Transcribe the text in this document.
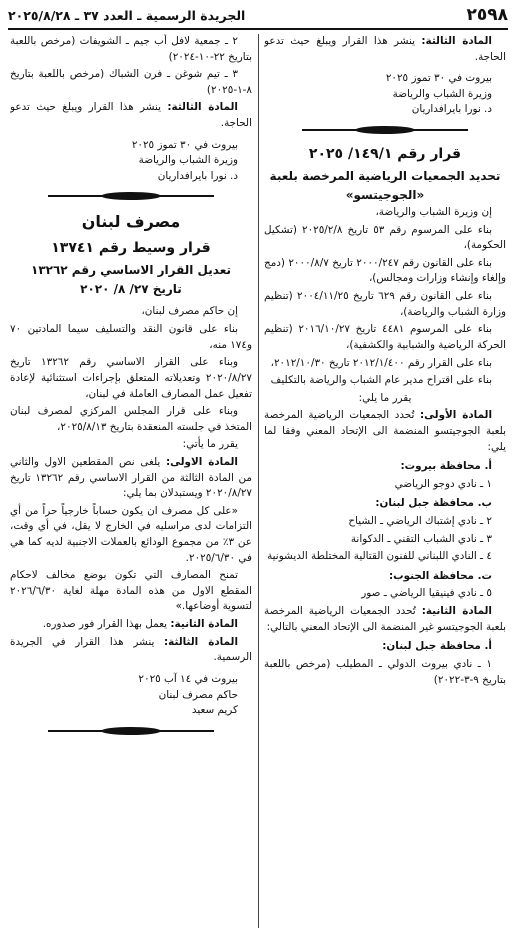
٢٥٩٨
الجريدة الرسمية ـ العدد ٣٧ ـ ٢٠٢٥/٨/٢٨

المادة الثالثة: ينشر هذا القرار ويبلغ حيث تدعو الحاجة.

بيروت في ٣٠ تموز ٢٠٢٥

وزيرة الشباب والرياضة

د. نورا بايرافداريان

قرار رقم ١٤٩/١/ ٢٠٢٥
تحديد الجمعيات الرياضية المرخصة بلعبة
«الجوجيتسو»

إن وزيرة الشباب والرياضة،

بناء على المرسوم رقم ٥٣ تاريخ ٢٠٢٥/٢/٨ (تشكيل الحكومة)،

بناء على القانون رقم ٢٠٠٠/٢٤٧ تاريخ ٢٠٠٠/٨/٧ (دمج وإلغاء وإنشاء وزارات ومجالس)،

بناء على القانون رقم ٦٢٩ تاريخ ٢٠٠٤/١١/٢٥ (تنظيم وزارة الشباب والرياضة)،

بناء على المرسوم ٤٤٨١ تاريخ ٢٠١٦/١٠/٢٧ (تنظيم الحركة الرياضية والشبابية والكشفية)،

بناء على القرار رقم ٢٠١٢/١/٤٠٠ تاريخ ٢٠١٢/١٠/٣٠،

بناء على اقتراح مدير عام الشباب والرياضة بالتكليف

يقرر ما يلي:

المادة الأولى: تُحدد الجمعيات الرياضية المرخصة بلعبة الجوجيتسو المنضمة الى الإتحاد المعني وفقا لما يلي:

أ. محافظة بيروت:

١ ـ نادي دوجو الرياضي

ب. محافظة جبل لبنان:

٢ ـ نادي إشتباك الرياضي ـ الشياح

٣ ـ نادي الشباب التقني ـ الدكوانة

٤ ـ النادي اللبناني للفنون القتالية المختلطة الديشونية

ت. محافظة الجنوب:

٥ ـ نادي فينيقيا الرياضي ـ صور

المادة الثانية: تُحدد الجمعيات الرياضية المرخصة بلعبة الجوجيتسو غير المنضمة الى الإتحاد المعني بالتالي:

أ. محافظة جبل لبنان:

١ ـ نادي بيروت الدولي ـ المطيلب (مرخص باللعبة بتاريخ ٩-٣-٢٠٢٢)

٢ ـ جمعية لافل أب جيم ـ الشويفات (مرخص باللعبة بتاريخ ٢٢-١٠-٢٠٢٤)

٣ ـ تيم شوغن ـ فرن الشباك (مرخص باللعبة بتاريخ ٨-١-٢٠٢٥)

المادة الثالثة: ينشر هذا القرار ويبلغ حيث تدعو الحاجة.

بيروت في ٣٠ تموز ٢٠٢٥

وزيرة الشباب والرياضة

د. نورا بايرافداريان

مصرف لبنان
قرار وسيط رقم ١٣٧٤١
تعديل القرار الاساسي رقم ١٣٢٦٢
تاريخ ٢٧/ ٨/ ٢٠٢٠

إن حاكم مصرف لبنان،

بناء على قانون النقد والتسليف سيما المادتين ٧٠ و١٧٤ منه،

وبناء على القرار الاساسي رقم ١٣٢٦٢ تاريخ ٢٠٢٠/٨/٢٧ وتعديلاته المتعلق بإجراءات استثنائية لإعادة تفعيل عمل المصارف العاملة في لبنان،

وبناء على قرار المجلس المركزي لمصرف لبنان المتخذ في جلسته المنعقدة بتاريخ ٢٠٢٥/٨/١٣،

يقرر ما يأتي:

المادة الاولى: يلغى نص المقطعين الاول والثاني من المادة الثالثة من القرار الاساسي رقم ١٣٢٦٢ تاريخ ٢٠٢٠/٨/٢٧ ويستبدلان بما يلي:

«على كل مصرف ان يكون حساباً خارجياً حراً من أي التزامات لدى مراسليه في الخارج لا يقل، في أي وقت، عن ٣٪ من مجموع الودائع بالعملات الاجنبية لديه كما هي في ٢٠٢٥/٦/٣٠.

تمنح المصارف التي تكون بوضع مخالف لاحكام المقطع الاول من هذه المادة مهلة لغاية ٢٠٢٦/٦/٣٠ لتسوية أوضاعها.»

المادة الثانية: يعمل بهذا القرار فور صدوره.

المادة الثالثة: ينشر هذا القرار في الجريدة الرسمية.

بيروت في ١٤ آب ٢٠٢٥

حاكم مصرف لبنان

كريم سعيد
